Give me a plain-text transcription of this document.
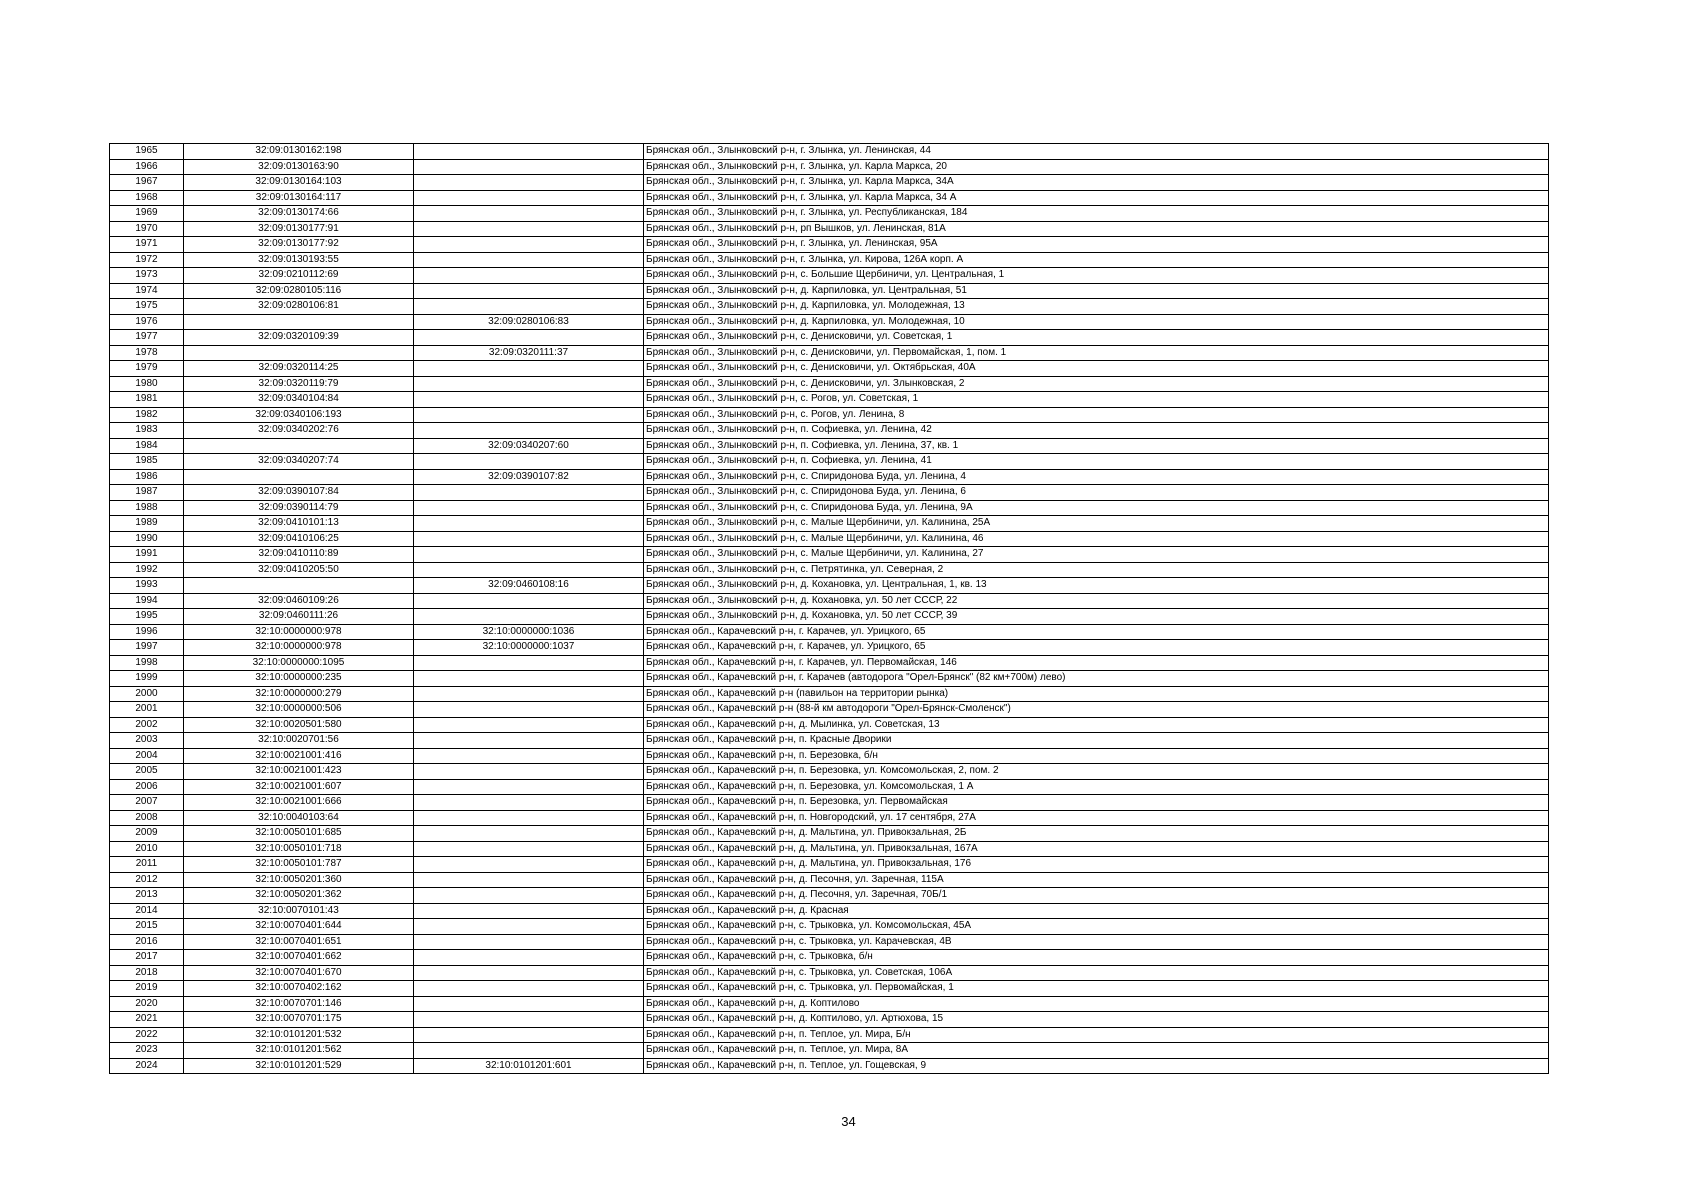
1965	32:09:0130162:198		Брянская обл., Злынковский р-н, г. Злынка, ул. Ленинская, 44
1966	32:09:0130163:90		Брянская обл., Злынковский р-н, г. Злынка, ул. Карла Маркса, 20
1967	32:09:0130164:103		Брянская обл., Злынковский р-н, г. Злынка, ул. Карла Маркса, 34А
1968	32:09:0130164:117		Брянская обл., Злынковский р-н, г. Злынка, ул. Карла Маркса, 34 А
1969	32:09:0130174:66		Брянская обл., Злынковский р-н, г. Злынка, ул. Республиканская, 184
1970	32:09:0130177:91		Брянская обл., Злынковский р-н, рп Вышков, ул. Ленинская, 81А
1971	32:09:0130177:92		Брянская обл., Злынковский р-н, г. Злынка, ул. Ленинская, 95А
1972	32:09:0130193:55		Брянская обл., Злынковский р-н, г. Злынка, ул. Кирова, 126А корп. А
1973	32:09:0210112:69		Брянская обл., Злынковский р-н, с. Большие Щербиничи, ул. Центральная, 1
1974	32:09:0280105:116		Брянская обл., Злынковский р-н, д. Карпиловка, ул. Центральная, 51
1975	32:09:0280106:81		Брянская обл., Злынковский р-н, д. Карпиловка, ул. Молодежная, 13
1976		32:09:0280106:83	Брянская обл., Злынковский р-н, д. Карпиловка, ул. Молодежная, 10
1977	32:09:0320109:39		Брянская обл., Злынковский р-н, с. Денисковичи, ул. Советская, 1
1978		32:09:0320111:37	Брянская обл., Злынковский р-н, с. Денисковичи, ул. Первомайская, 1, пом. 1
1979	32:09:0320114:25		Брянская обл., Злынковский р-н, с. Денисковичи, ул. Октябрьская, 40А
1980	32:09:0320119:79		Брянская обл., Злынковский р-н, с. Денисковичи, ул. Злынковская, 2
1981	32:09:0340104:84		Брянская обл., Злынковский р-н, с. Рогов, ул. Советская, 1
1982	32:09:0340106:193		Брянская обл., Злынковский р-н, с. Рогов, ул. Ленина, 8
1983	32:09:0340202:76		Брянская обл., Злынковский р-н, п. Софиевка, ул. Ленина, 42
1984		32:09:0340207:60	Брянская обл., Злынковский р-н, п. Софиевка, ул. Ленина, 37, кв. 1
1985	32:09:0340207:74		Брянская обл., Злынковский р-н, п. Софиевка, ул. Ленина, 41
1986		32:09:0390107:82	Брянская обл., Злынковский р-н, с. Спиридонова Буда, ул. Ленина, 4
1987	32:09:0390107:84		Брянская обл., Злынковский р-н, с. Спиридонова Буда, ул. Ленина, 6
1988	32:09:0390114:79		Брянская обл., Злынковский р-н, с. Спиридонова Буда, ул. Ленина, 9А
1989	32:09:0410101:13		Брянская обл., Злынковский р-н, с. Малые Щербиничи, ул. Калинина, 25А
1990	32:09:0410106:25		Брянская обл., Злынковский р-н, с. Малые Щербиничи, ул. Калинина, 46
1991	32:09:0410110:89		Брянская обл., Злынковский р-н, с. Малые Щербиничи, ул. Калинина, 27
1992	32:09:0410205:50		Брянская обл., Злынковский р-н, с. Петрятинка, ул. Северная, 2
1993		32:09:0460108:16	Брянская обл., Злынковский р-н, д. Кохановка, ул. Центральная, 1, кв. 13
1994	32:09:0460109:26		Брянская обл., Злынковский р-н, д. Кохановка, ул. 50 лет СССР, 22
1995	32:09:0460111:26		Брянская обл., Злынковский р-н, д. Кохановка, ул. 50 лет СССР, 39
1996	32:10:0000000:978	32:10:0000000:1036	Брянская обл., Карачевский р-н, г. Карачев, ул. Урицкого, 65
1997	32:10:0000000:978	32:10:0000000:1037	Брянская обл., Карачевский р-н, г. Карачев, ул. Урицкого, 65
1998	32:10:0000000:1095		Брянская обл., Карачевский р-н, г. Карачев, ул. Первомайская, 146
1999	32:10:0000000:235		Брянская обл., Карачевский р-н, г. Карачев (автодорога "Орел-Брянск" (82 км+700м) лево)
2000	32:10:0000000:279		Брянская обл., Карачевский р-н (павильон на территории рынка)
2001	32:10:0000000:506		Брянская обл., Карачевский р-н (88-й км автодороги "Орел-Брянск-Смоленск")
2002	32:10:0020501:580		Брянская обл., Карачевский р-н, д. Мылинка, ул. Советская, 13
2003	32:10:0020701:56		Брянская обл., Карачевский р-н, п. Красные Дворики
2004	32:10:0021001:416		Брянская обл., Карачевский р-н, п. Березовка, б/н
2005	32:10:0021001:423		Брянская обл., Карачевский р-н, п. Березовка, ул. Комсомольская, 2, пом. 2
2006	32:10:0021001:607		Брянская обл., Карачевский р-н, п. Березовка, ул. Комсомольская, 1 А
2007	32:10:0021001:666		Брянская обл., Карачевский р-н, п. Березовка, ул. Первомайская
2008	32:10:0040103:64		Брянская обл., Карачевский р-н, п. Новгородский, ул. 17 сентября, 27А
2009	32:10:0050101:685		Брянская обл., Карачевский р-н, д. Мальтина, ул. Привокзальная, 2Б
2010	32:10:0050101:718		Брянская обл., Карачевский р-н, д. Мальтина, ул. Привокзальная, 167А
2011	32:10:0050101:787		Брянская обл., Карачевский р-н, д. Мальтина, ул. Привокзальная, 176
2012	32:10:0050201:360		Брянская обл., Карачевский р-н, д. Песочня, ул. Заречная, 115А
2013	32:10:0050201:362		Брянская обл., Карачевский р-н, д. Песочня, ул. Заречная, 70Б/1
2014	32:10:0070101:43		Брянская обл., Карачевский р-н, д. Красная
2015	32:10:0070401:644		Брянская обл., Карачевский р-н, с. Трыковка, ул. Комсомольская, 45А
2016	32:10:0070401:651		Брянская обл., Карачевский р-н, с. Трыковка, ул. Карачевская, 4В
2017	32:10:0070401:662		Брянская обл., Карачевский р-н, с. Трыковка, б/н
2018	32:10:0070401:670		Брянская обл., Карачевский р-н, с. Трыковка, ул. Советская, 106А
2019	32:10:0070402:162		Брянская обл., Карачевский р-н, с. Трыковка, ул. Первомайская, 1
2020	32:10:0070701:146		Брянская обл., Карачевский р-н, д. Коптилово
2021	32:10:0070701:175		Брянская обл., Карачевский р-н, д. Коптилово, ул. Артюхова, 15
2022	32:10:0101201:532		Брянская обл., Карачевский р-н, п. Теплое, ул. Мира, Б/н
2023	32:10:0101201:562		Брянская обл., Карачевский р-н, п. Теплое, ул. Мира, 8А
2024	32:10:0101201:529	32:10:0101201:601	Брянская обл., Карачевский р-н, п. Теплое, ул. Гощевская, 9
34
